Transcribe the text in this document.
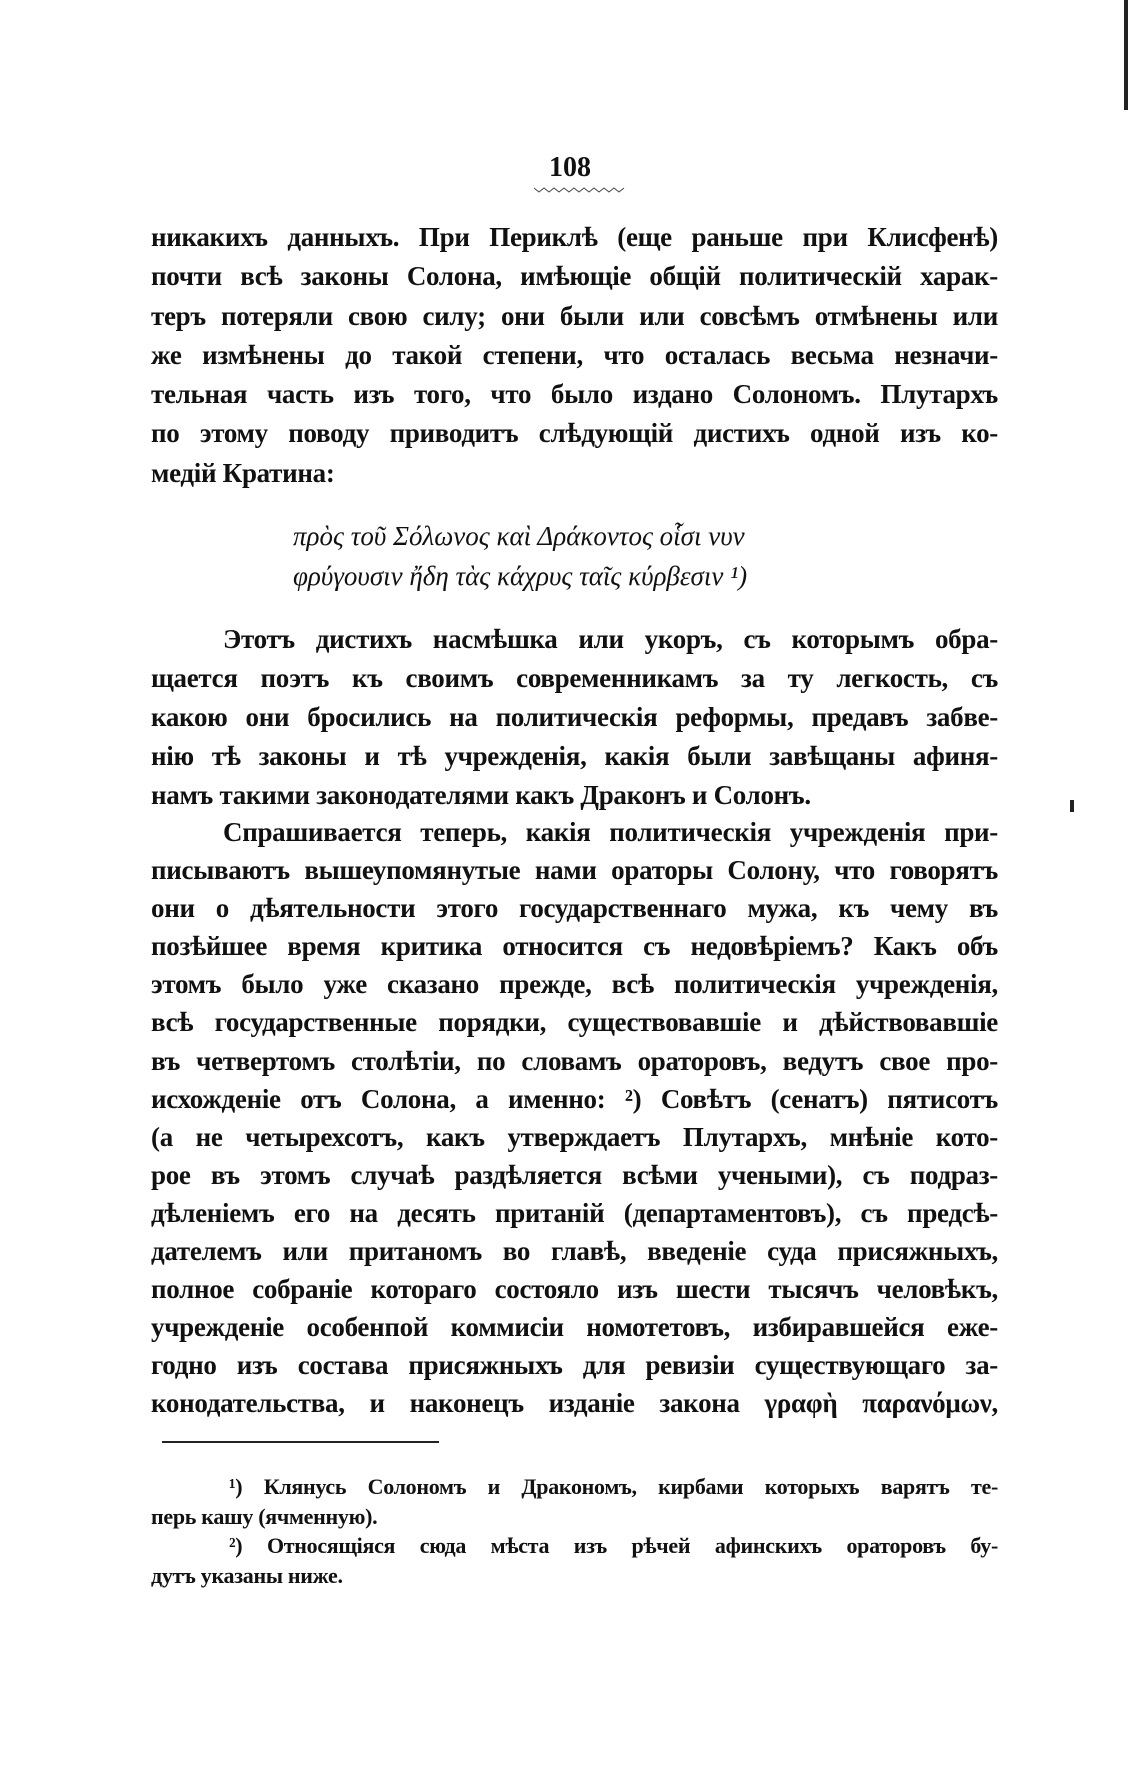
108
никакихъ данныхъ. При Периклѣ (еще раньше при Клисфенѣ)
почти всѣ законы Солона, имѣющіе общій политическій харак-
теръ потеряли свою силу; они были или совсѣмъ отмѣнены или
же измѣнены до такой степени, что осталась весьма незначи-
тельная часть изъ того, что было издано Солономъ. Плутархъ
по этому поводу приводитъ слѣдующій дистихъ одной изъ ко-
медій Кратина:
πρὸς τοῦ Σόλωνος καὶ Δράκοντος οἷσι νυν
φρύγουσιν ἤδη τὰς κάχρυς ταῖς κύρβεσιν ¹)
Этотъ дистихъ насмѣшка или укоръ, съ которымъ обра-
щается поэтъ къ своимъ современникамъ за ту легкость, съ
какою они бросились на политическія реформы, предавъ забве-
нію тѣ законы и тѣ учрежденія, какія были завѣщаны афиня-
намъ такими законодателями какъ Драконъ и Солонъ.
Спрашивается теперь, какія политическія учрежденія при-
писываютъ вышеупомянутые нами ораторы Солону, что говорятъ
они о дѣятельности этого государственнаго мужа, къ чему въ
позѣйшее время критика относится съ недовѣріемъ? Какъ объ
этомъ было уже сказано прежде, всѣ политическія учрежденія,
всѣ государственные порядки, существовавшіе и дѣйствовавшіе
въ четвертомъ столѣтіи, по словамъ ораторовъ, ведутъ свое про-
исхожденіе отъ Солона, а именно: ²) Совѣтъ (сенатъ) пятисотъ
(а не четырехсотъ, какъ утверждаетъ Плутархъ, мнѣніе кото-
рое въ этомъ случаѣ раздѣляется всѣми учеными), съ подраз-
дѣленіемъ его на десять пританій (департаментовъ), съ предсѣ-
дателемъ или пританомъ во главѣ, введеніе суда присяжныхъ,
полное собраніе котораго состояло изъ шести тысячъ человѣкъ,
учрежденіе особенпой коммисіи номотетовъ, избиравшейся еже-
годно изъ состава присяжныхъ для ревизіи существующаго за-
конодательства, и наконецъ изданіе закона γραφὴ παρανόμων,
¹) Клянусь Солономъ и Дракономъ, кирбами которыхъ варятъ те-
перь кашу (ячменную).
²) Относящіяся сюда мѣста изъ рѣчей афинскихъ ораторовъ бу-
дутъ указаны ниже.
